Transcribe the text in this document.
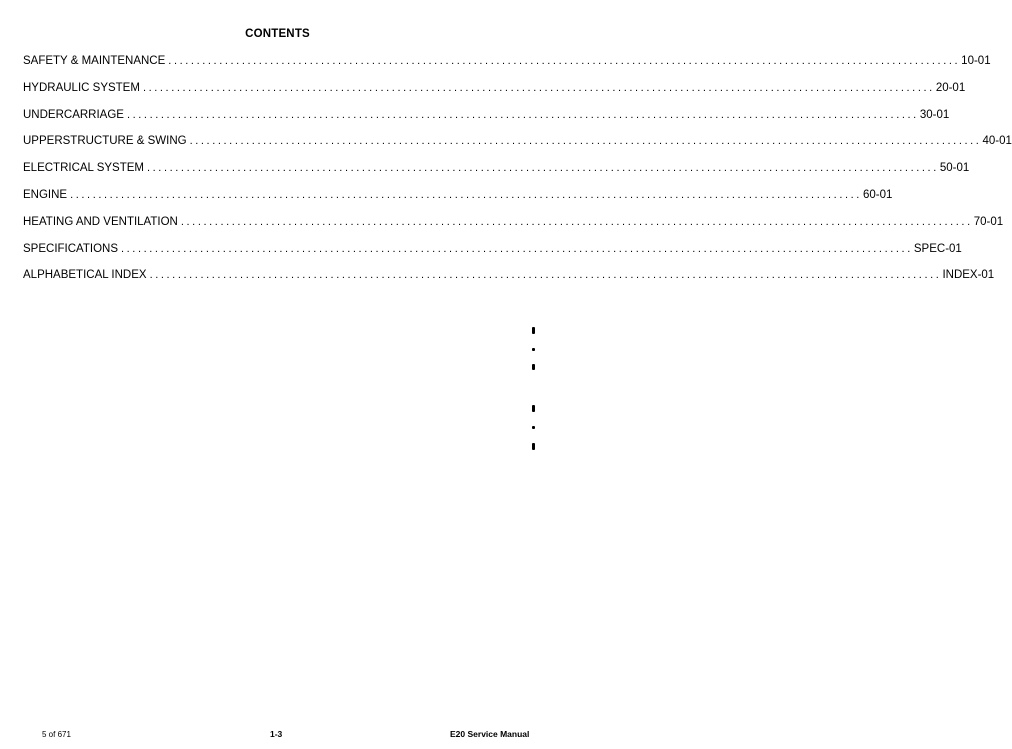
CONTENTS
SAFETY & MAINTENANCE ............................................................................................................................................ 10-01
HYDRAULIC SYSTEM ............................................................................................................................................ 20-01
UNDERCARRIAGE ............................................................................................................................................ 30-01
UPPERSTRUCTURE & SWING ............................................................................................................................................ 40-01
ELECTRICAL SYSTEM ............................................................................................................................................ 50-01
ENGINE ............................................................................................................................................ 60-01
HEATING AND VENTILATION ............................................................................................................................................ 70-01
SPECIFICATIONS ............................................................................................................................................ SPEC-01
ALPHABETICAL INDEX ............................................................................................................................................ INDEX-01
5 of 671	1-3	E20 Service Manual
